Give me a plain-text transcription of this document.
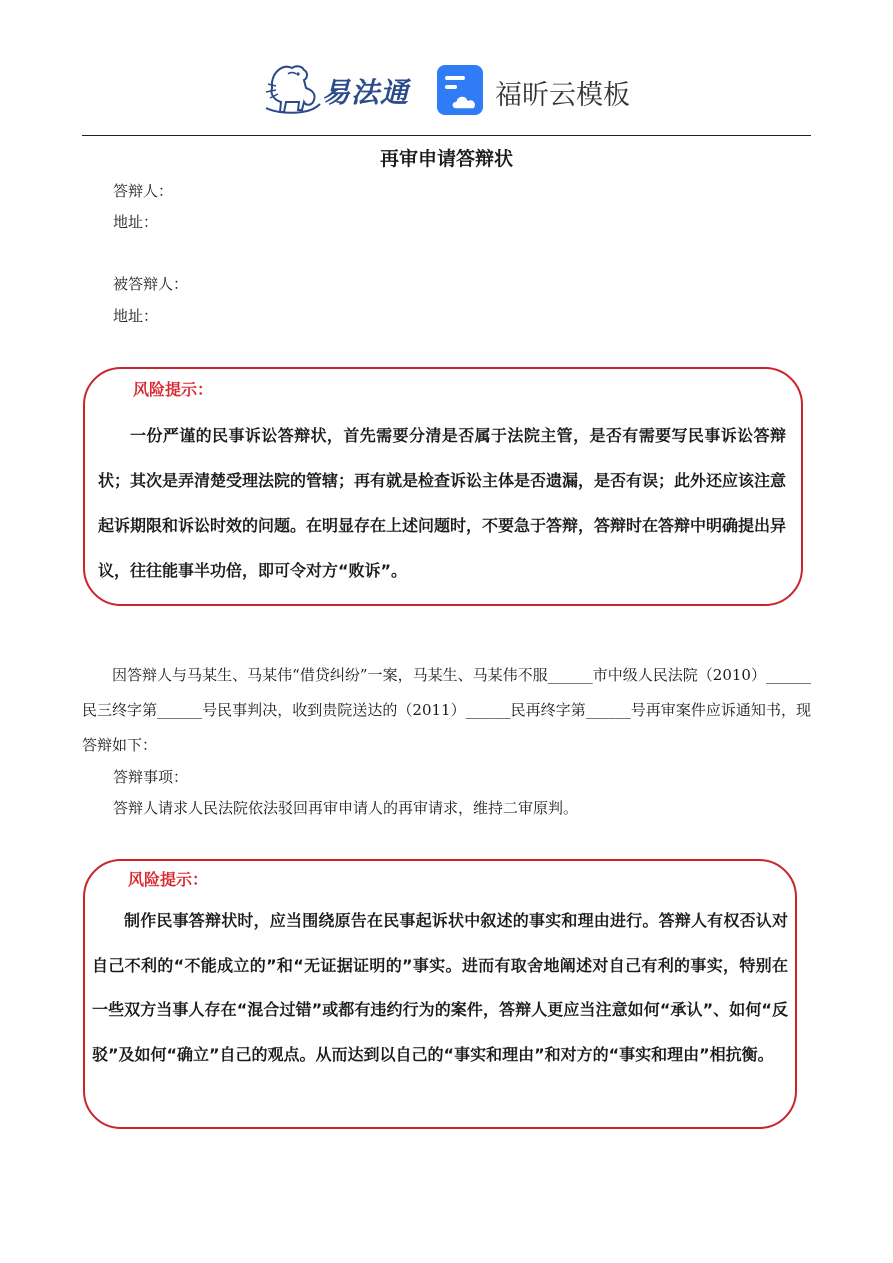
易法通	福昕云模板
再审申请答辩状
答辩人：
地址：
被答辩人：
地址：
风险提示：
一份严谨的民事诉讼答辩状，首先需要分清是否属于法院主管，是否有需要写民事诉讼答辩状；其次是弄清楚受理法院的管辖；再有就是检查诉讼主体是否遗漏，是否有误；此外还应该注意起诉期限和诉讼时效的问题。在明显存在上述问题时，不要急于答辩，答辩时在答辩中明确提出异议，往往能事半功倍，即可令对方“败诉”。
因答辩人与马某生、马某伟“借贷纠纷”一案，马某生、马某伟不服______市中级人民法院（2010）______民三终字第______号民事判决，收到贵院送达的（2011）______民再终字第______号再审案件应诉通知书，现答辩如下：
答辩事项：
答辩人请求人民法院依法驳回再审申请人的再审请求，维持二审原判。
风险提示：
制作民事答辩状时，应当围绕原告在民事起诉状中叙述的事实和理由进行。答辩人有权否认对自己不利的“不能成立的”和“无证据证明的”事实。进而有取舍地阐述对自己有利的事实，特别在一些双方当事人存在“混合过错”或都有违约行为的案件，答辩人更应当注意如何“承认”、如何“反驳”及如何“确立”自己的观点。从而达到以自己的“事实和理由”和对方的“事实和理由”相抗衡。
